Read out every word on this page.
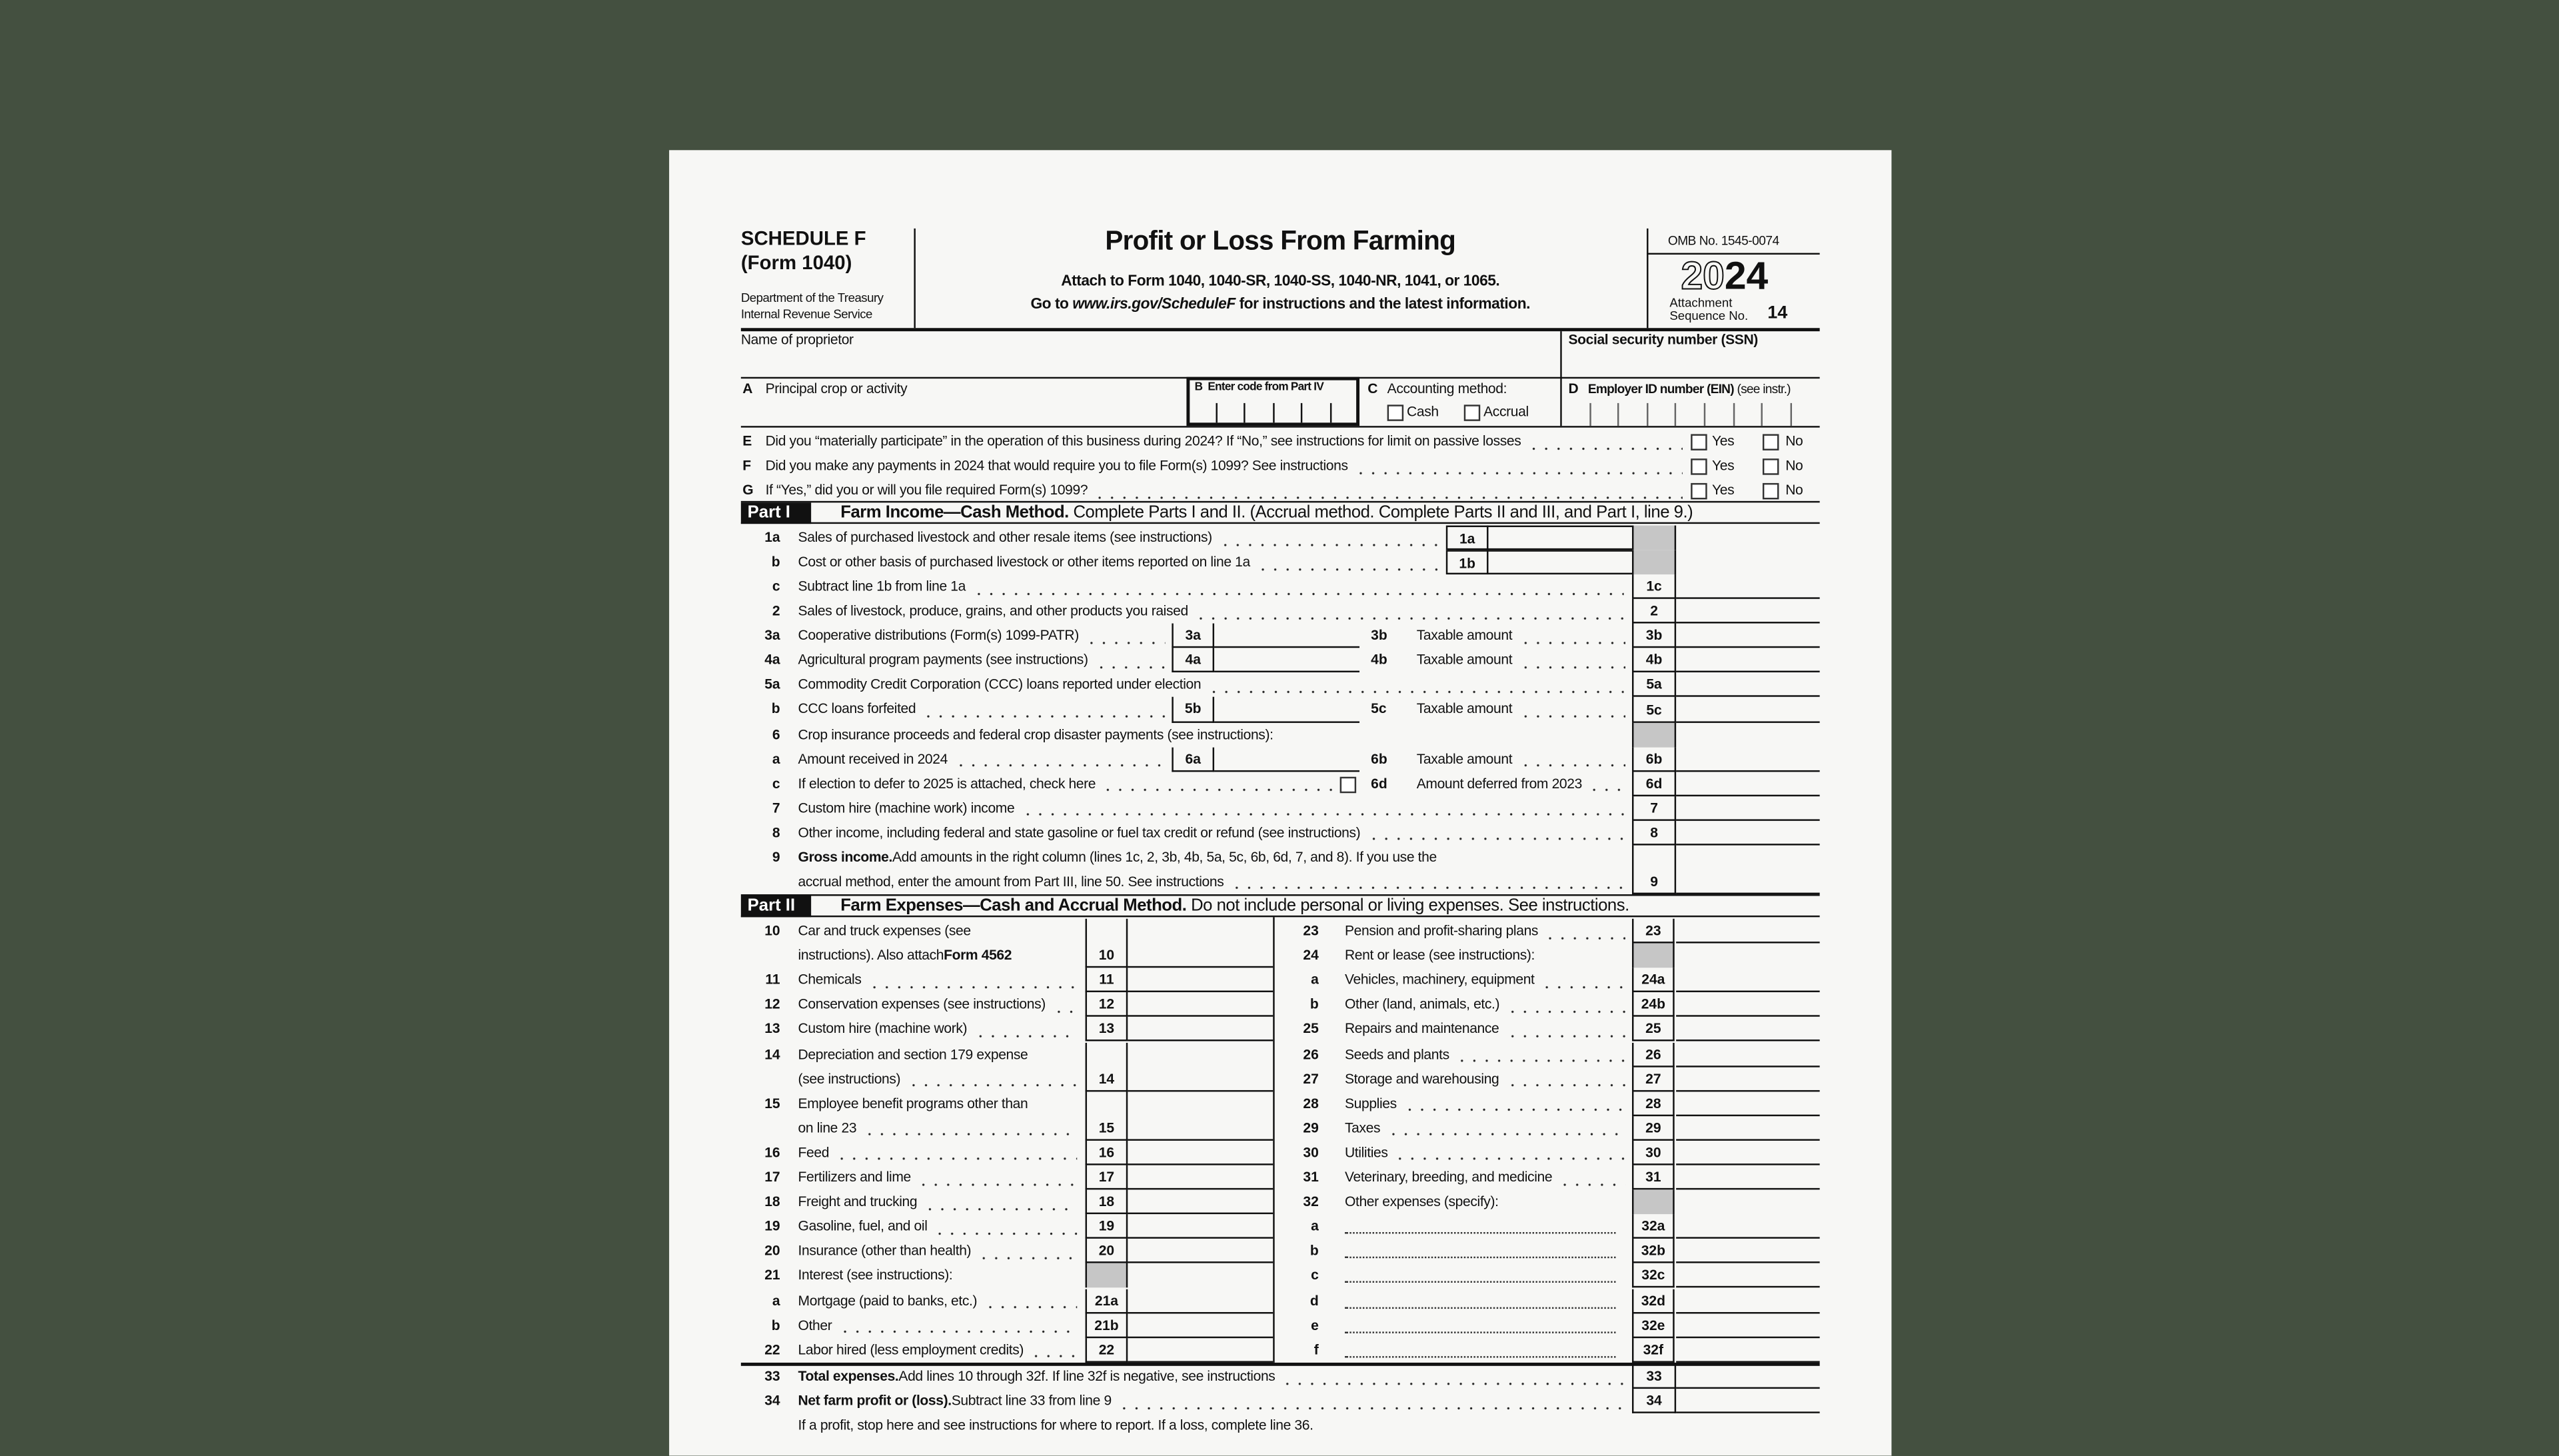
SCHEDULE F
(Form 1040)
Department of the Treasury
Internal Revenue Service
Profit or Loss From Farming
Attach to Form 1040, 1040-SR, 1040-SS, 1040-NR, 1041, or 1065.
Go to www.irs.gov/ScheduleF for instructions and the latest information.
OMB No. 1545-0074
2024
Attachment
Sequence No.	14
Name of proprietor	Social security number (SSN)
A Principal crop or activity	B Enter code from Part IV	C Accounting method:
Cash	Accrual
D Employer ID number (EIN) (see instr.)
Part I	Farm Income—Cash Method. Complete Parts I and II. (Accrual method. Complete Parts II and III, and Part I, line 9.)
Part II	Farm Expenses—Cash and Accrual Method. Do not include personal or living expenses. See instructions.
If a profit, stop here and see instructions for where to report. If a loss, complete line 36.
E Did you “materially participate” in the operation of this business during 2024? If “No,” see instructions for limit on passive losses	Yes	No
F	Did you make any payments in 2024 that would require you to file Form(s) 1099? See instructions	Yes	No
G If “Yes,” did you or will you file required Form(s) 1099?	Yes	No
1a	Sales of purchased livestock and other resale items (see instructions)	1a
b	Cost or other basis of purchased livestock or other items reported on line 1a	1b
c	Subtract line 1b from line 1a	1c
2	Sales of livestock, produce, grains, and other products you raised	2
3a	Cooperative distributions (Form(s) 1099-PATR)	3a	3b	Taxable amount	3b
4a	Agricultural program payments (see instructions)	4a	4b	Taxable amount	4b
5a	Commodity Credit Corporation (CCC) loans reported under election	5a
b	CCC loans forfeited	5b	5c	Taxable amount	5c
6	Crop insurance proceeds and federal crop disaster payments (see instructions):
a	Amount received in 2024	6a	6b	Taxable amount	6b
c	If election to defer to 2025 is attached, check here	6d	Amount deferred from 2023	6d
7	Custom hire (machine work) income	7
8	Other income, including federal and state gasoline or fuel tax credit or refund (see instructions)	8
9	Gross income. Add amounts in the right column (lines 1c, 2, 3b, 4b, 5a, 5c, 6b, 6d, 7, and 8). If you use the
accrual method, enter the amount from Part III, line 50. See instructions	9
10	Car and truck expenses (see
instructions). Also attach Form 4562	10
11	Chemicals	11
12	Conservation expenses (see instructions)	12
13	Custom hire (machine work)	13
14	Depreciation and section 179 expense
(see instructions)	14
15	Employee benefit programs other than
on line 23	15
16	Feed	16
17	Fertilizers and lime	17
18	Freight and trucking	18
19	Gasoline, fuel, and oil	19
20	Insurance (other than health)	20
21	Interest (see instructions):
a	Mortgage (paid to banks, etc.)	21a
b	Other	21b
22	Labor hired (less employment credits)	22
23	Pension and profit-sharing plans	23
24	Rent or lease (see instructions):
a	Vehicles, machinery, equipment	24a
b	Other (land, animals, etc.)	24b
25	Repairs and maintenance	25
26	Seeds and plants	26
27	Storage and warehousing	27
28	Supplies	28
29	Taxes	29
30	Utilities	30
31	Veterinary, breeding, and medicine	31
32	Other expenses (specify):
a	32a
b	32b
c	32c
d	32d
e	32e
f	32f
33	Total expenses. Add lines 10 through 32f. If line 32f is negative, see instructions	33
34	Net farm profit or (loss). Subtract line 33 from line 9	34
